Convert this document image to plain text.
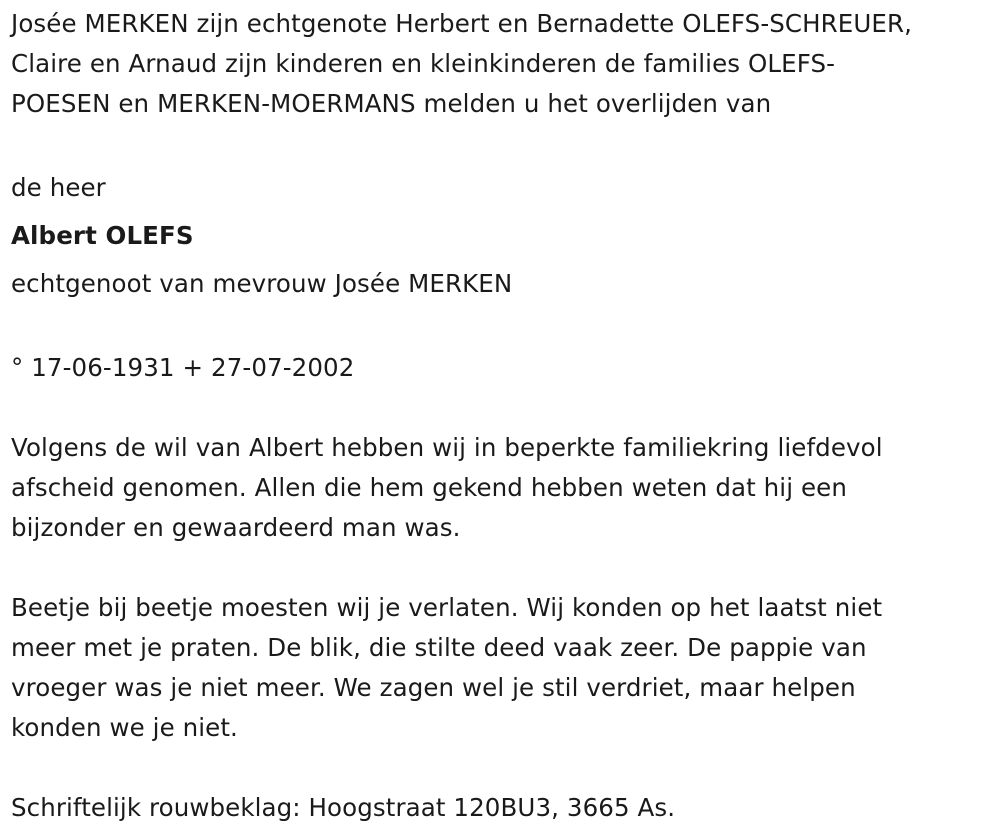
Josée MERKEN zijn echtgenote Herbert en Bernadette OLEFS-SCHREUER,
Claire en Arnaud zijn kinderen en kleinkinderen de families OLEFS-
POESEN en MERKEN-MOERMANS melden u het overlijden van
de heer
Albert OLEFS
echtgenoot van mevrouw Josée MERKEN
° 17-06-1931 + 27-07-2002
Volgens de wil van Albert hebben wij in beperkte familiekring liefdevol
afscheid genomen. Allen die hem gekend hebben weten dat hij een
bijzonder en gewaardeerd man was.
Beetje bij beetje moesten wij je verlaten. Wij konden op het laatst niet
meer met je praten. De blik, die stilte deed vaak zeer. De pappie van
vroeger was je niet meer. We zagen wel je stil verdriet, maar helpen
konden we je niet.
Schriftelijk rouwbeklag: Hoogstraat 120BU3, 3665 As.
